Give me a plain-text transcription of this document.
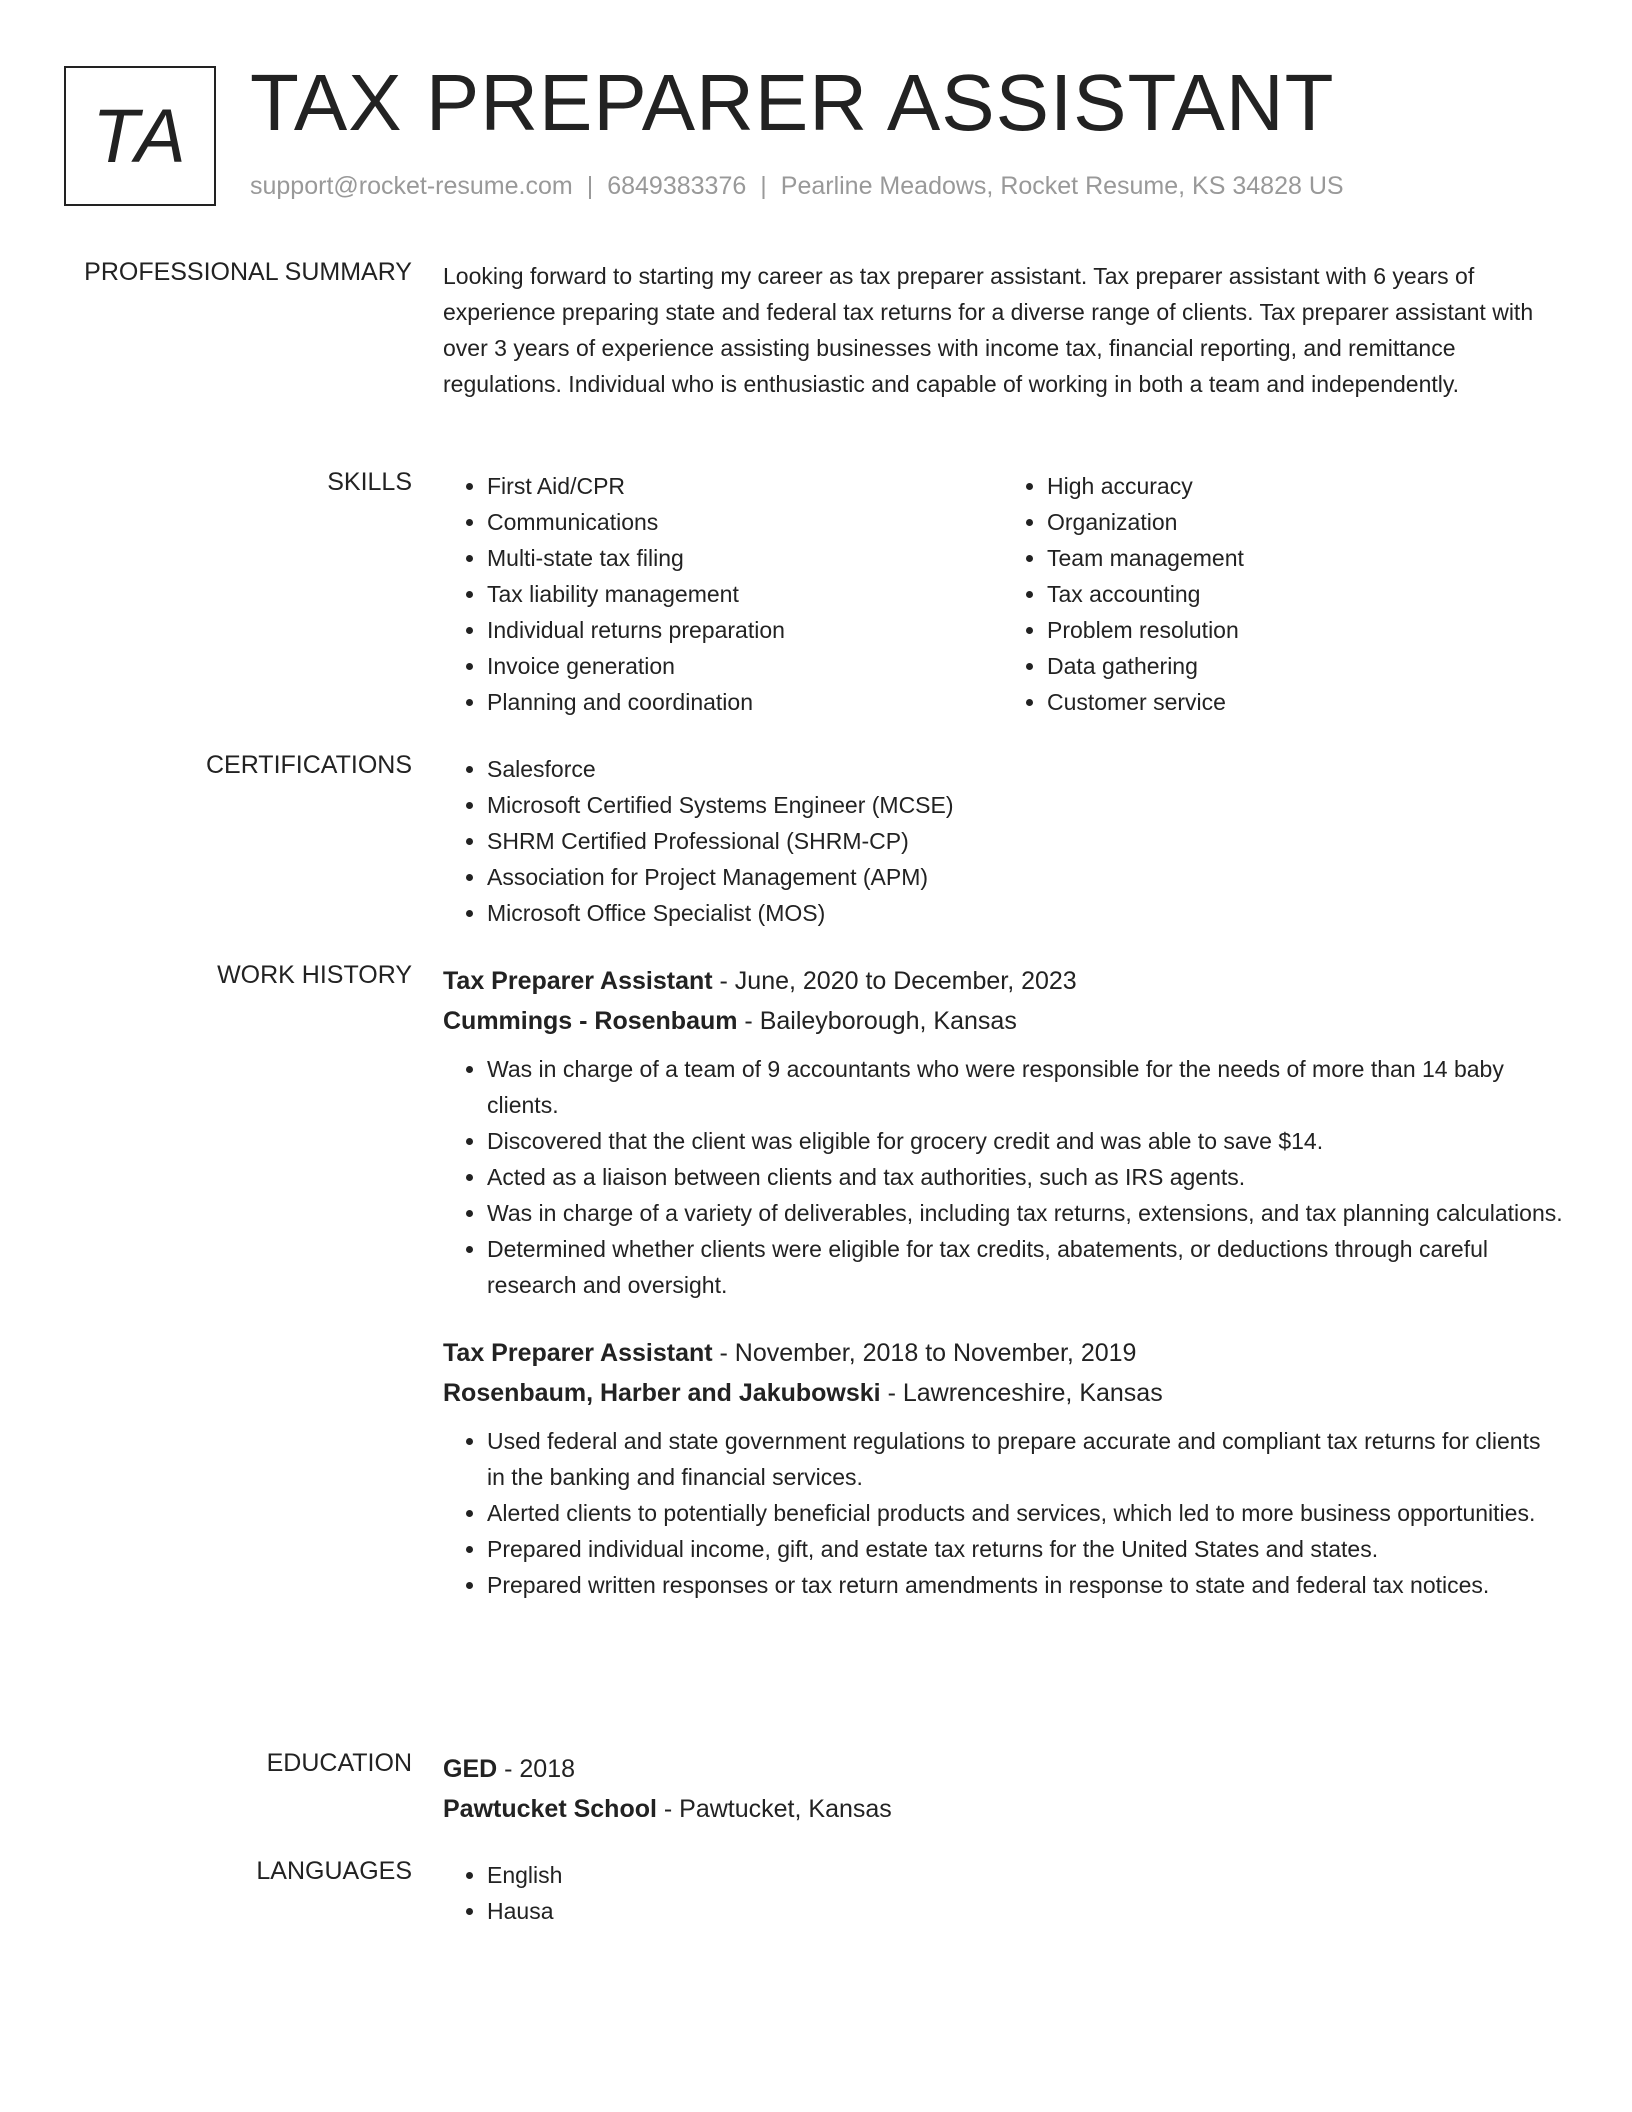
TA TAX PREPARER ASSISTANT
support@rocket-resume.com | 6849383376 | Pearline Meadows, Rocket Resume, KS 34828 US
PROFESSIONAL SUMMARY Looking forward to starting my career as tax preparer assistant. Tax preparer assistant with 6 years of experience preparing state and federal tax returns for a diverse range of clients. Tax preparer assistant with over 3 years of experience assisting businesses with income tax, financial reporting, and remittance regulations. Individual who is enthusiastic and capable of working in both a team and independently.
SKILLS	• First Aid/CPR
• Communications
• Multi-state tax filing
• Tax liability management
• Individual returns preparation
• Invoice generation
• Planning and coordination
• High accuracy
• Organization
• Team management
• Tax accounting
• Problem resolution
• Data gathering
• Customer service
CERTIFICATIONS	• Salesforce
• Microsoft Certified Systems Engineer (MCSE)
• SHRM Certified Professional (SHRM-CP)
• Association for Project Management (APM)
• Microsoft Office Specialist (MOS)
WORK HISTORY Tax Preparer Assistant - June, 2020 to December, 2023
Cummings - Rosenbaum - Baileyborough, Kansas
• Was in charge of a team of 9 accountants who were responsible for the needs of more than 14 baby clients.
• Discovered that the client was eligible for grocery credit and was able to save $14.
• Acted as a liaison between clients and tax authorities, such as IRS agents.
• Was in charge of a variety of deliverables, including tax returns, extensions, and tax planning calculations.
• Determined whether clients were eligible for tax credits, abatements, or deductions through careful research and oversight.
Tax Preparer Assistant - November, 2018 to November, 2019
Rosenbaum, Harber and Jakubowski - Lawrenceshire, Kansas
• Used federal and state government regulations to prepare accurate and compliant tax returns for clients in the banking and financial services.
• Alerted clients to potentially beneficial products and services, which led to more business opportunities.
• Prepared individual income, gift, and estate tax returns for the United States and states.
• Prepared written responses or tax return amendments in response to state and federal tax notices.
EDUCATION GED - 2018
Pawtucket School - Pawtucket, Kansas
LANGUAGES	• English
• Hausa
